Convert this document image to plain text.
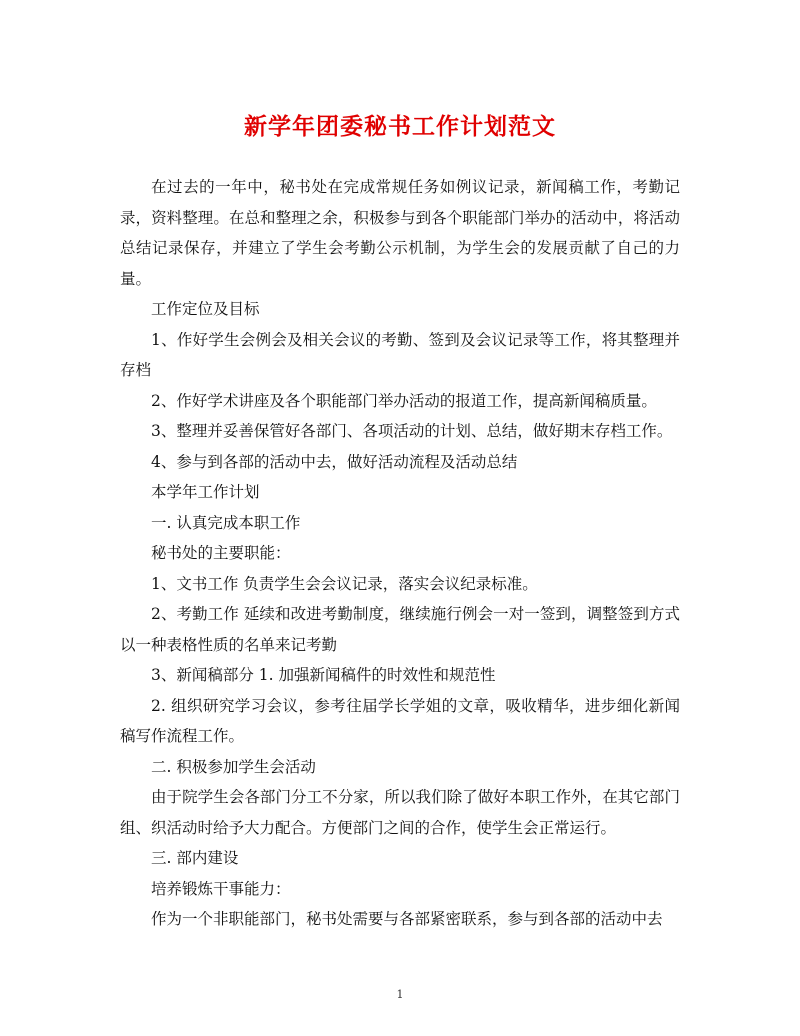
新学年团委秘书工作计划范文

在过去的一年中，秘书处在完成常规任务如例议记录，新闻稿工作，考勤记录，资料整理。在总和整理之余，积极参与到各个职能部门举办的活动中，将活动总结记录保存，并建立了学生会考勤公示机制，为学生会的发展贡献了自己的力量。

工作定位及目标

1、作好学生会例会及相关会议的考勤、签到及会议记录等工作，将其整理并存档

2、作好学术讲座及各个职能部门举办活动的报道工作，提高新闻稿质量。

3、整理并妥善保管好各部门、各项活动的计划、总结，做好期末存档工作。

4、参与到各部的活动中去，做好活动流程及活动总结

本学年工作计划

一. 认真完成本职工作

秘书处的主要职能：

1、文书工作 负责学生会会议记录，落实会议纪录标准。

2、考勤工作 延续和改进考勤制度，继续施行例会一对一签到，调整签到方式以一种表格性质的名单来记考勤

3、新闻稿部分 1. 加强新闻稿件的时效性和规范性

2. 组织研究学习会议，参考往届学长学姐的文章，吸收精华，进步细化新闻稿写作流程工作。

二. 积极参加学生会活动

由于院学生会各部门分工不分家，所以我们除了做好本职工作外，在其它部门组、织活动时给予大力配合。方便部门之间的合作，使学生会正常运行。

三. 部内建设

培养锻炼干事能力：

作为一个非职能部门，秘书处需要与各部紧密联系，参与到各部的活动中去

1
